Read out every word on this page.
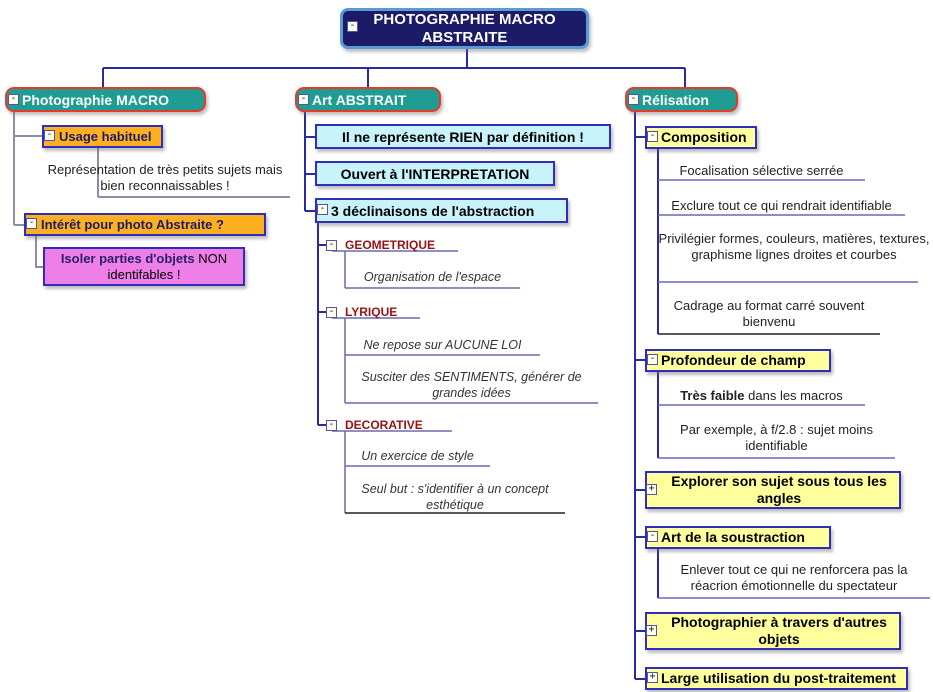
PHOTOGRAPHIE MACRO ABSTRAITE
-
Photographie MACRO
-	Art ABSTRAIT
-	Rélisation
-
Usage habituel
-
Représentation de très petits sujets mais bien reconnaissables !
Intérêt pour photo Abstraite ?
-
Isoler parties d'objets NON identifables !
Il ne représente RIEN par définition !
Ouvert à l'INTERPRETATION
3 déclinaisons de l'abstraction
-
GEOMETRIQUE
-
Organisation de l'espace
LYRIQUE
-
Ne repose sur AUCUNE LOI
Susciter des SENTIMENTS, générer de grandes idées
DECORATIVE
-
Un exercice de style
Seul but : s'identifier à un concept esthétique
Composition
-
Focalisation sélective serrée
Exclure tout ce qui rendrait identifiable
Privilégier formes, couleurs, matières, textures, graphisme lignes droites et courbes
Cadrage au format carré souvent bienvenu
Profondeur de champ
-
Très faible dans les macros
Par exemple, à f/2.8 : sujet moins identifiable
Explorer son sujet sous tous les angles
+
Art de la soustraction
-
Enlever tout ce qui ne renforcera pas la réacrion émotionnelle du spectateur
Photographier à travers d'autres objets
+
Large utilisation du post-traitement
+
